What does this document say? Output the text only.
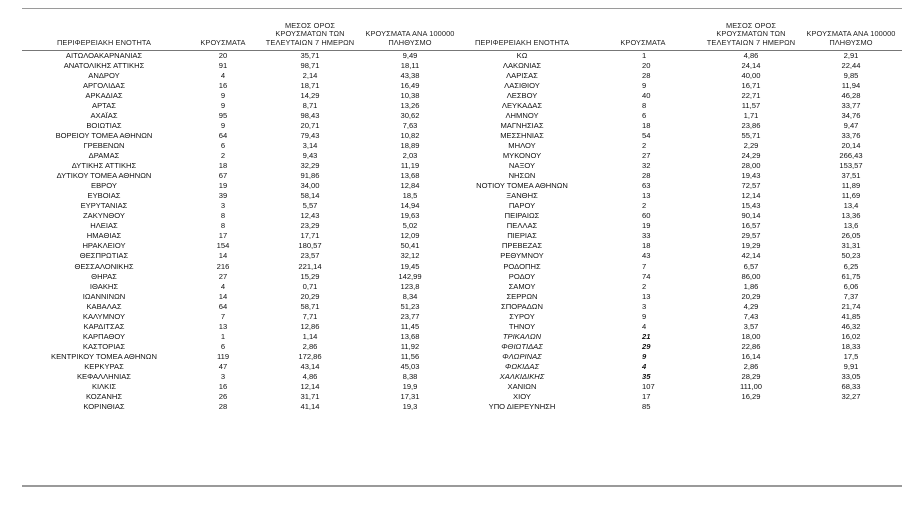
ΠΕΡΙΦΕΡΕΙΑΚΗ ΕΝΟΤΗΤΑ	ΚΡΟΥΣΜΑΤΑ	ΜΕΣΟΣ ΟΡΟΣ ΚΡΟΥΣΜΑΤΩΝ ΤΩΝ ΤΕΛΕΥΤΑΙΩΝ 7 ΗΜΕΡΩΝ	ΚΡΟΥΣΜΑΤΑ ΑΝΑ 100000 ΠΛΗΘΥΣΜΟ	ΠΕΡΙΦΕΡΕΙΑΚΗ ΕΝΟΤΗΤΑ	ΚΡΟΥΣΜΑΤΑ	ΜΕΣΟΣ ΟΡΟΣ ΚΡΟΥΣΜΑΤΩΝ ΤΩΝ ΤΕΛΕΥΤΑΙΩΝ 7 ΗΜΕΡΩΝ	ΚΡΟΥΣΜΑΤΑ ΑΝΑ 100000 ΠΛΗΘΥΣΜΟ
ΑΙΤΩΛΟΑΚΑΡΝΑΝΙΑΣ	20	35,71	9,49	ΚΩ	1	4,86	2,91
ΑΝΑΤΟΛΙΚΗΣ ΑΤΤΙΚΗΣ	91	98,71	18,11	ΛΑΚΩΝΙΑΣ	20	24,14	22,44
ΑΝΔΡΟΥ	4	2,14	43,38	ΛΑΡΙΣΑΣ	28	40,00	9,85
ΑΡΓΟΛΙΔΑΣ	16	18,71	16,49	ΛΑΣΙΘΙΟΥ	9	16,71	11,94
ΑΡΚΑΔΙΑΣ	9	14,29	10,38	ΛΕΣΒΟΥ	40	22,71	46,28
ΑΡΤΑΣ	9	8,71	13,26	ΛΕΥΚΑΔΑΣ	8	11,57	33,77
ΑΧΑΪΑΣ	95	98,43	30,62	ΛΗΜΝΟΥ	6	1,71	34,76
ΒΟΙΩΤΙΑΣ	9	20,71	7,63	ΜΑΓΝΗΣΙΑΣ	18	23,86	9,47
ΒΟΡΕΙΟΥ ΤΟΜΕΑ ΑΘΗΝΩΝ	64	79,43	10,82	ΜΕΣΣΗΝΙΑΣ	54	55,71	33,76
ΓΡΕΒΕΝΩΝ	6	3,14	18,89	ΜΗΛΟΥ	2	2,29	20,14
ΔΡΑΜΑΣ	2	9,43	2,03	ΜΥΚΟΝΟΥ	27	24,29	266,43
ΔΥΤΙΚΗΣ ΑΤΤΙΚΗΣ	18	32,29	11,19	ΝΑΞΟΥ	32	28,00	153,57
ΔΥΤΙΚΟΥ ΤΟΜΕΑ ΑΘΗΝΩΝ	67	91,86	13,68	ΝΗΣΩΝ	28	19,43	37,51
ΕΒΡΟΥ	19	34,00	12,84	ΝΟΤΙΟΥ ΤΟΜΕΑ ΑΘΗΝΩΝ	63	72,57	11,89
ΕΥΒΟΙΑΣ	39	58,14	18,5	ΞΑΝΘΗΣ	13	12,14	11,69
ΕΥΡΥΤΑΝΙΑΣ	3	5,57	14,94	ΠΑΡΟΥ	2	15,43	13,4
ΖΑΚΥΝΘΟΥ	8	12,43	19,63	ΠΕΙΡΑΙΩΣ	60	90,14	13,36
ΗΛΕΙΑΣ	8	23,29	5,02	ΠΕΛΛΑΣ	19	16,57	13,6
ΗΜΑΘΙΑΣ	17	17,71	12,09	ΠΙΕΡΙΑΣ	33	29,57	26,05
ΗΡΑΚΛΕΙΟΥ	154	180,57	50,41	ΠΡΕΒΕΖΑΣ	18	19,29	31,31
ΘΕΣΠΡΩΤΙΑΣ	14	23,57	32,12	ΡΕΘΥΜΝΟΥ	43	42,14	50,23
ΘΕΣΣΑΛΟΝΙΚΗΣ	216	221,14	19,45	ΡΟΔΟΠΗΣ	7	6,57	6,25
ΘΗΡΑΣ	27	15,29	142,99	ΡΟΔΟΥ	74	86,00	61,75
ΙΘΑΚΗΣ	4	0,71	123,8	ΣΑΜΟΥ	2	1,86	6,06
ΙΩΑΝΝΙΝΩΝ	14	20,29	8,34	ΣΕΡΡΩΝ	13	20,29	7,37
ΚΑΒΑΛΑΣ	64	58,71	51,23	ΣΠΟΡΑΔΩΝ	3	4,29	21,74
ΚΑΛΥΜΝΟΥ	7	7,71	23,77	ΣΥΡΟΥ	9	7,43	41,85
ΚΑΡΔΙΤΣΑΣ	13	12,86	11,45	ΤΗΝΟΥ	4	3,57	46,32
ΚΑΡΠΑΘΟΥ	1	1,14	13,68	ΤΡΙΚΑΛΩΝ	21	18,00	16,02
ΚΑΣΤΟΡΙΑΣ	6	2,86	11,92	ΦΘΙΩΤΙΔΑΣ	29	22,86	18,33
ΚΕΝΤΡΙΚΟΥ ΤΟΜΕΑ ΑΘΗΝΩΝ	119	172,86	11,56	ΦΛΩΡΙΝΑΣ	9	16,14	17,5
ΚΕΡΚΥΡΑΣ	47	43,14	45,03	ΦΩΚΙΔΑΣ	4	2,86	9,91
ΚΕΦΑΛΛΗΝΙΑΣ	3	4,86	8,38	ΧΑΛΚΙΔΙΚΗΣ	35	28,29	33,05
ΚΙΛΚΙΣ	16	12,14	19,9	ΧΑΝΙΩΝ	107	111,00	68,33
ΚΟΖΑΝΗΣ	26	31,71	17,31	ΧΙΟΥ	17	16,29	32,27
ΚΟΡΙΝΘΙΑΣ	28	41,14	19,3	ΥΠΟ ΔΙΕΡΕΥΝΗΣΗ	85		
